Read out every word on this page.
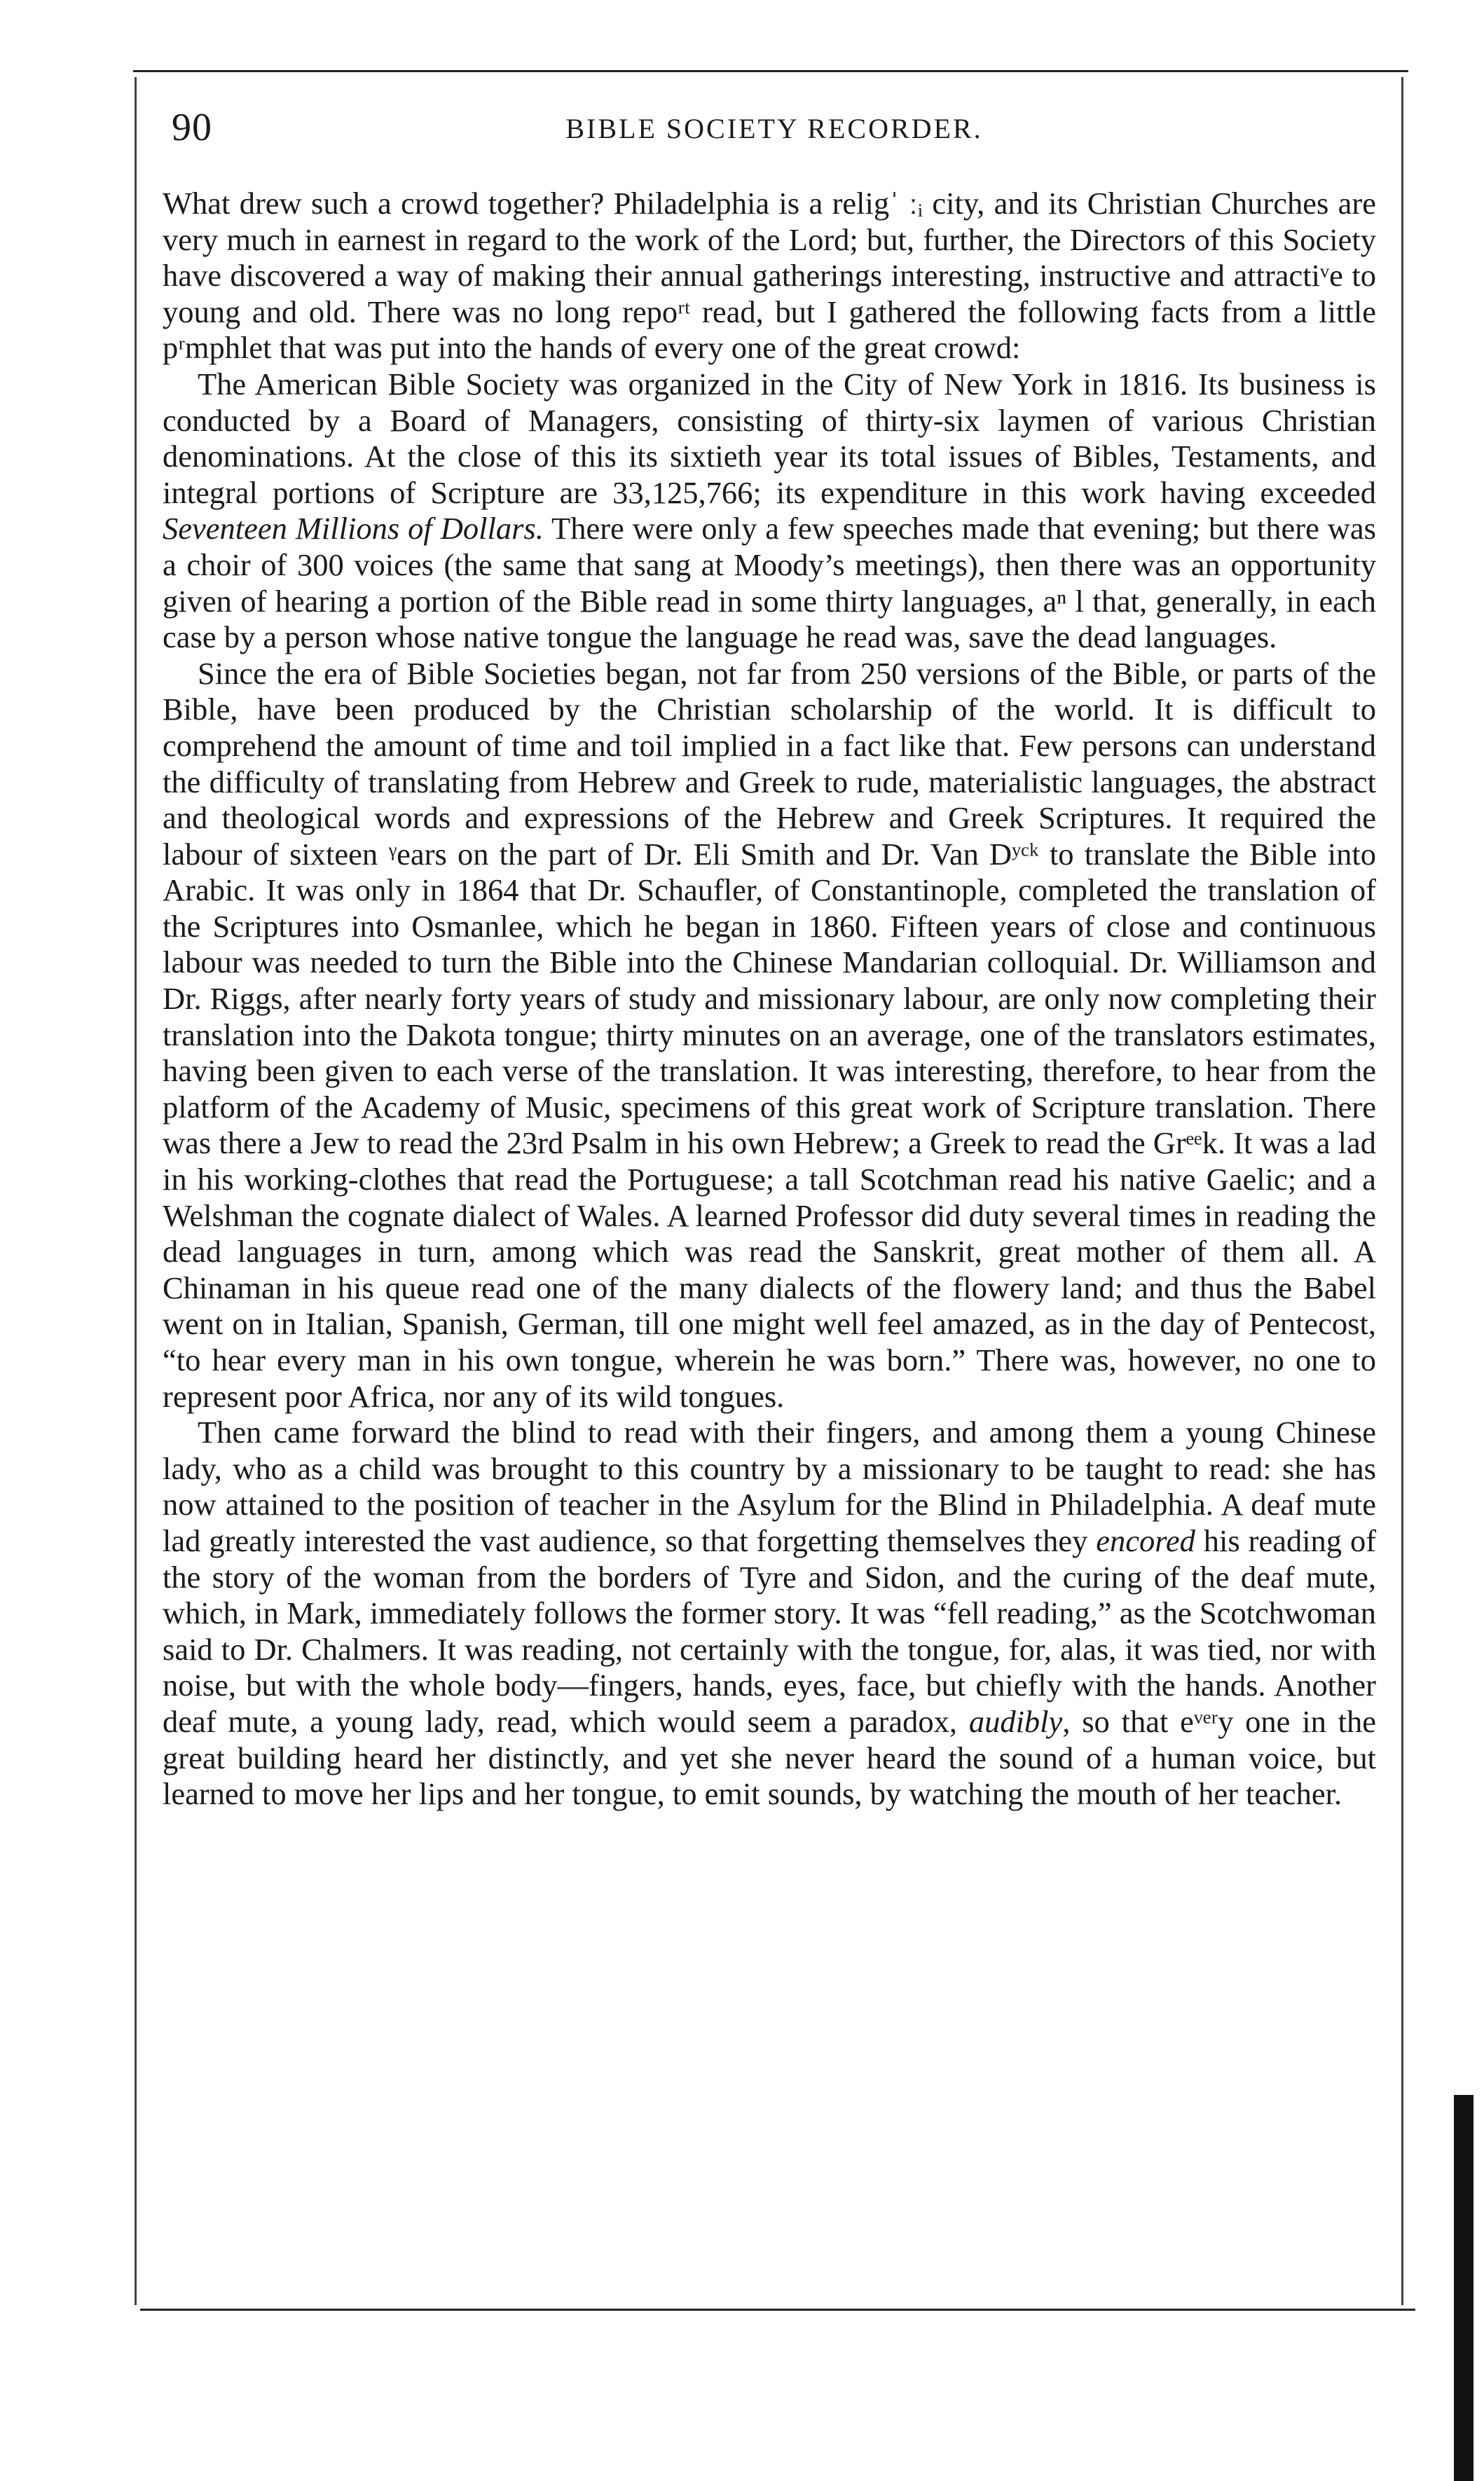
90	BIBLE SOCIETY RECORDER.

What drew such a crowd together? Philadelphia is a religˈ ːᵢ city, and its Christian Churches are very much in earnest in regard to the work of the Lord; but, further, the Directors of this Society have discovered a way of making their annual gatherings interesting, instructive and attractiᵛe to young and old. There was no long repoʳᵗ read, but I gathered the following facts from a little pʳmphlet that was put into the hands of every one of the great crowd:

The American Bible Society was organized in the City of New York in 1816. Its business is conducted by a Board of Managers, consisting of thirty-six laymen of various Christian denominations. At the close of this its sixtieth year its total issues of Bibles, Testaments, and integral portions of Scripture are 33,125,766; its expenditure in this work having exceeded Seventeen Millions of Dollars. There were only a few speeches made that evening; but there was a choir of 300 voices (the same that sang at Moody’s meetings), then there was an opportunity given of hearing a portion of the Bible read in some thirty languages, aⁿ l that, generally, in each case by a person whose native tongue the language he read was, save the dead languages.

Since the era of Bible Societies began, not far from 250 versions of the Bible, or parts of the Bible, have been produced by the Christian scholarship of the world. It is difficult to comprehend the amount of time and toil implied in a fact like that. Few persons can understand the difficulty of translating from Hebrew and Greek to rude, materialistic languages, the abstract and theological words and expressions of the Hebrew and Greek Scriptures. It required the labour of sixteen ᵞears on the part of Dr. Eli Smith and Dr. Van Dʸᶜᵏ to translate the Bible into Arabic. It was only in 1864 that Dr. Schaufler, of Constantinople, completed the translation of the Scriptures into Osmanlee, which he began in 1860. Fifteen years of close and continuous labour was needed to turn the Bible into the Chinese Mandarian colloquial. Dr. Williamson and Dr. Riggs, after nearly forty years of study and missionary labour, are only now completing their translation into the Dakota tongue; thirty minutes on an average, one of the translators estimates, having been given to each verse of the translation. It was interesting, therefore, to hear from the platform of the Academy of Music, specimens of this great work of Scripture translation. There was there a Jew to read the 23rd Psalm in his own Hebrew; a Greek to read the Grᵉᵉk. It was a lad in his working-clothes that read the Portuguese; a tall Scotchman read his native Gaelic; and a Welshman the cognate dialect of Wales. A learned Professor did duty several times in reading the dead languages in turn, among which was read the Sanskrit, great mother of them all. A Chinaman in his queue read one of the many dialects of the flowery land; and thus the Babel went on in Italian, Spanish, German, till one might well feel amazed, as in the day of Pentecost, “to hear every man in his own tongue, wherein he was born.” There was, however, no one to represent poor Africa, nor any of its wild tongues.

Then came forward the blind to read with their fingers, and among them a young Chinese lady, who as a child was brought to this country by a missionary to be taught to read: she has now attained to the position of teacher in the Asylum for the Blind in Philadelphia. A deaf mute lad greatly interested the vast audience, so that forgetting themselves they encored his reading of the story of the woman from the borders of Tyre and Sidon, and the curing of the deaf mute, which, in Mark, immediately follows the former story. It was “fell reading,” as the Scotchwoman said to Dr. Chalmers. It was reading, not certainly with the tongue, for, alas, it was tied, nor with noise, but with the whole body—fingers, hands, eyes, face, but chiefly with the hands. Another deaf mute, a young lady, read, which would seem a paradox, audibly, so that eᵛᵉʳy one in the great building heard her distinctly, and yet she never heard the sound of a human voice, but learned to move her lips and her tongue, to emit sounds, by watching the mouth of her teacher.
